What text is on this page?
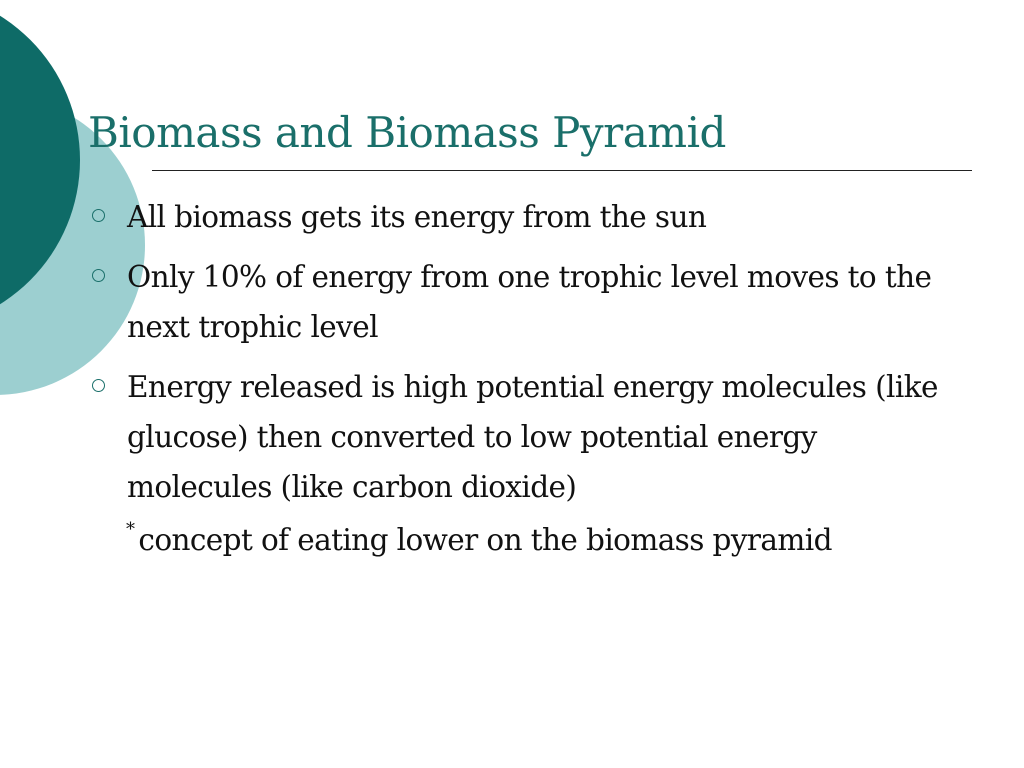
Biomass and Biomass Pyramid
All biomass gets its energy from the sun
Only 10% of energy from one trophic level moves to the next trophic level
Energy released is high potential energy molecules (like glucose) then converted to low potential energy molecules (like carbon dioxide)

* concept of eating lower on the biomass pyramid
